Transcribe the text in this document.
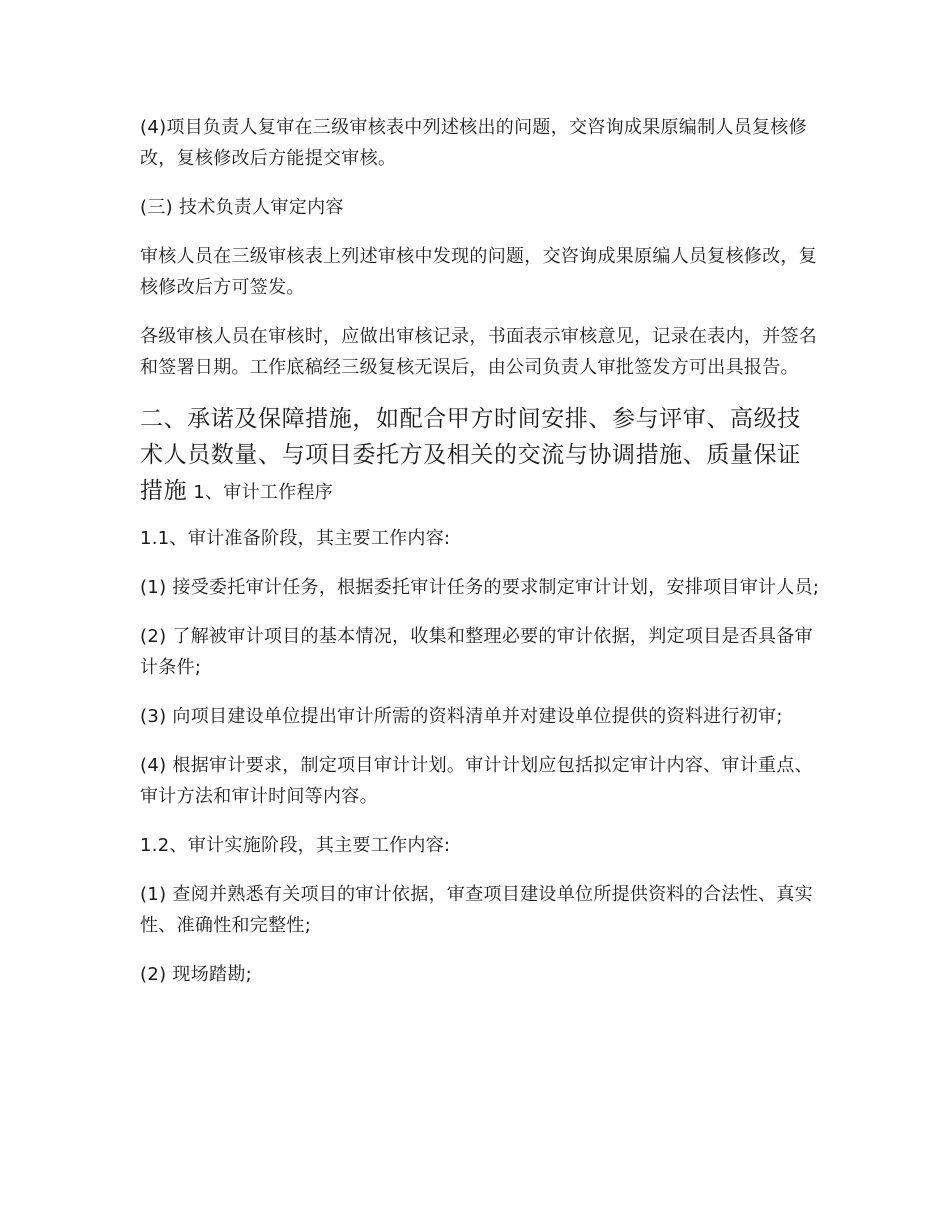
(4)项目负责人复审在三级审核表中列述核出的问题，交咨询成果原编制人员复核修改，复核修改后方能提交审核。

(三) 技术负责人审定内容

审核人员在三级审核表上列述审核中发现的问题，交咨询成果原编人员复核修改，复核修改后方可签发。

各级审核人员在审核时，应做出审核记录，书面表示审核意见，记录在表内，并签名和签署日期。工作底稿经三级复核无误后，由公司负责人审批签发方可出具报告。

二、承诺及保障措施，如配合甲方时间安排、参与评审、高级技术人员数量、与项目委托方及相关的交流与协调措施、质量保证措施 1、审计工作程序

1.1、审计准备阶段，其主要工作内容:

(1) 接受委托审计任务，根据委托审计任务的要求制定审计计划，安排项目审计人员;

(2) 了解被审计项目的基本情况，收集和整理必要的审计依据，判定项目是否具备审计条件;

(3) 向项目建设单位提出审计所需的资料清单并对建设单位提供的资料进行初审;

(4) 根据审计要求，制定项目审计计划。审计计划应包括拟定审计内容、审计重点、审计方法和审计时间等内容。

1.2、审计实施阶段，其主要工作内容:

(1) 查阅并熟悉有关项目的审计依据，审查项目建设单位所提供资料的合法性、真实性、准确性和完整性;

(2) 现场踏勘;
